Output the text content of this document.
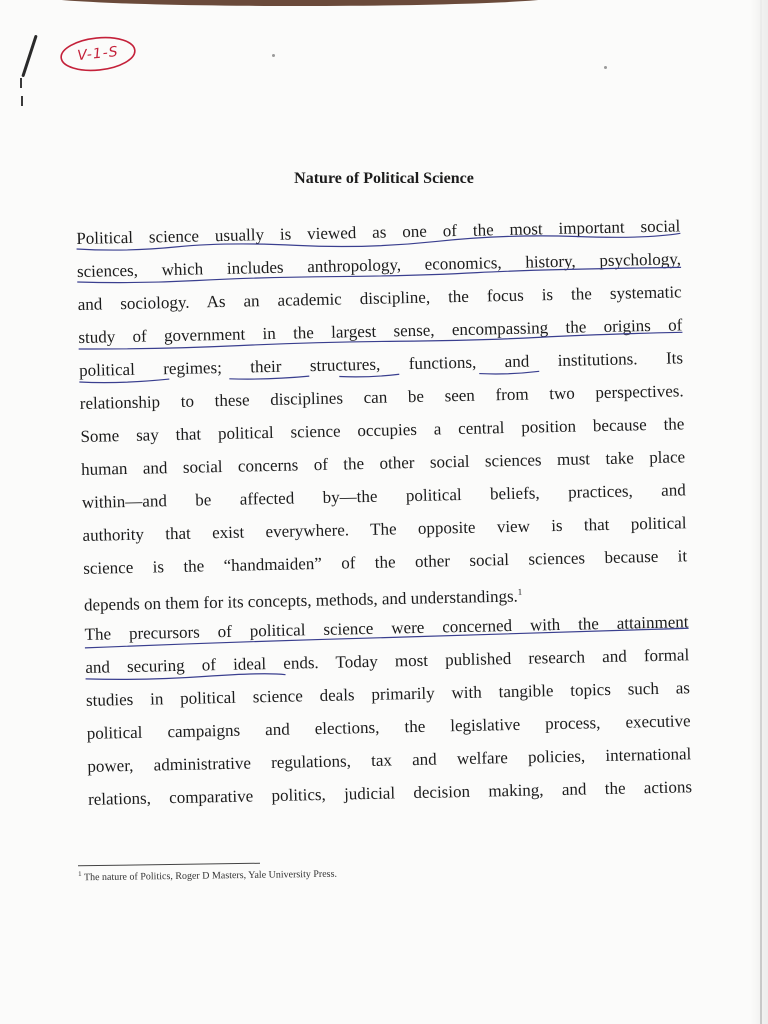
V-1-S
Nature of Political Science
Political science usually is viewed as one of the most important social
sciences, which includes anthropology, economics, history, psychology,
and sociology. As an academic discipline, the focus is the systematic
study of government in the largest sense, encompassing the origins of
political regimes; their structures, functions, and institutions. Its
relationship to these disciplines can be seen from two perspectives.
Some say that political science occupies a central position because the
human and social concerns of the other social sciences must take place
within—and be affected by—the political beliefs, practices, and
authority that exist everywhere. The opposite view is that political
science is the “handmaiden” of the other social sciences because it
depends on them for its concepts, methods, and understandings.$^1$
The precursors of political science were concerned with the attainment
and securing of ideal ends. Today most published research and formal
studies in political science deals primarily with tangible topics such as
political campaigns and elections, the legislative process, executive
power, administrative regulations, tax and welfare policies, international
relations, comparative politics, judicial decision making, and the actions
$^1$ The nature of Politics, Roger D Masters, Yale University Press.
